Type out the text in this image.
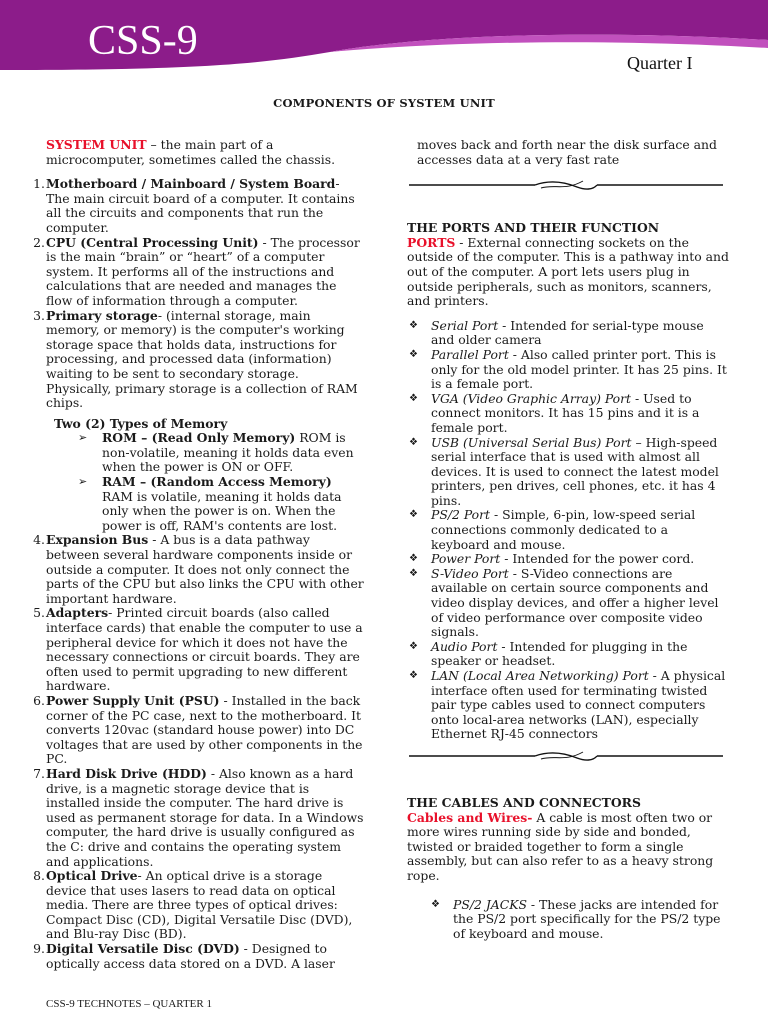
CSS-9	Quarter I
COMPONENTS OF SYSTEM UNIT

SYSTEM UNIT – the main part of a microcomputer, sometimes called the chassis.

1. Motherboard / Mainboard / System Board- The main circuit board of a computer. It contains all the circuits and components that run the computer.
2. CPU (Central Processing Unit) - The processor is the main “brain” or “heart” of a computer system. It performs all of the instructions and calculations that are needed and manages the flow of information through a computer.
3. Primary storage- (internal storage, main memory, or memory) is the computer's working storage space that holds data, instructions for processing, and processed data (information) waiting to be sent to secondary storage. Physically, primary storage is a collection of RAM chips.
Two (2) Types of Memory
➢ ROM – (Read Only Memory) ROM is non-volatile, meaning it holds data even when the power is ON or OFF.
➢ RAM – (Random Access Memory) RAM is volatile, meaning it holds data only when the power is on. When the power is off, RAM's contents are lost.
4. Expansion Bus - A bus is a data pathway between several hardware components inside or outside a computer. It does not only connect the parts of the CPU but also links the CPU with other important hardware.
5. Adapters- Printed circuit boards (also called interface cards) that enable the computer to use a peripheral device for which it does not have the necessary connections or circuit boards. They are often used to permit upgrading to new different hardware.
6. Power Supply Unit (PSU) - Installed in the back corner of the PC case, next to the motherboard. It converts 120vac (standard house power) into DC voltages that are used by other components in the PC.
7. Hard Disk Drive (HDD) - Also known as a hard drive, is a magnetic storage device that is installed inside the computer. The hard drive is used as permanent storage for data. In a Windows computer, the hard drive is usually configured as the C: drive and contains the operating system and applications.
8. Optical Drive- An optical drive is a storage device that uses lasers to read data on optical media. There are three types of optical drives: Compact Disc (CD), Digital Versatile Disc (DVD), and Blu-ray Disc (BD).
9. Digital Versatile Disc (DVD) - Designed to optically access data stored on a DVD. A laser

moves back and forth near the disk surface and accesses data at a very fast rate

THE PORTS AND THEIR FUNCTION

PORTS - External connecting sockets on the outside of the computer. This is a pathway into and out of the computer. A port lets users plug in outside peripherals, such as monitors, scanners, and printers.

❖ Serial Port - Intended for serial-type mouse and older camera
❖ Parallel Port - Also called printer port. This is only for the old model printer. It has 25 pins. It is a female port.
❖ VGA (Video Graphic Array) Port - Used to connect monitors. It has 15 pins and it is a female port.
❖ USB (Universal Serial Bus) Port – High-speed serial interface that is used with almost all devices. It is used to connect the latest model printers, pen drives, cell phones, etc. it has 4 pins.
❖ PS/2 Port - Simple, 6-pin, low-speed serial connections commonly dedicated to a keyboard and mouse.
❖ Power Port - Intended for the power cord.
❖ S-Video Port - S-Video connections are available on certain source components and video display devices, and offer a higher level of video performance over composite video signals.
❖ Audio Port - Intended for plugging in the speaker or headset.
❖ LAN (Local Area Networking) Port - A physical interface often used for terminating twisted pair type cables used to connect computers onto local-area networks (LAN), especially Ethernet RJ-45 connectors

THE CABLES AND CONNECTORS

Cables and Wires- A cable is most often two or more wires running side by side and bonded, twisted or braided together to form a single assembly, but can also refer to as a heavy strong rope.

❖ PS/2 JACKS - These jacks are intended for the PS/2 port specifically for the PS/2 type of keyboard and mouse.
CSS-9 TECHNOTES – QUARTER 1
